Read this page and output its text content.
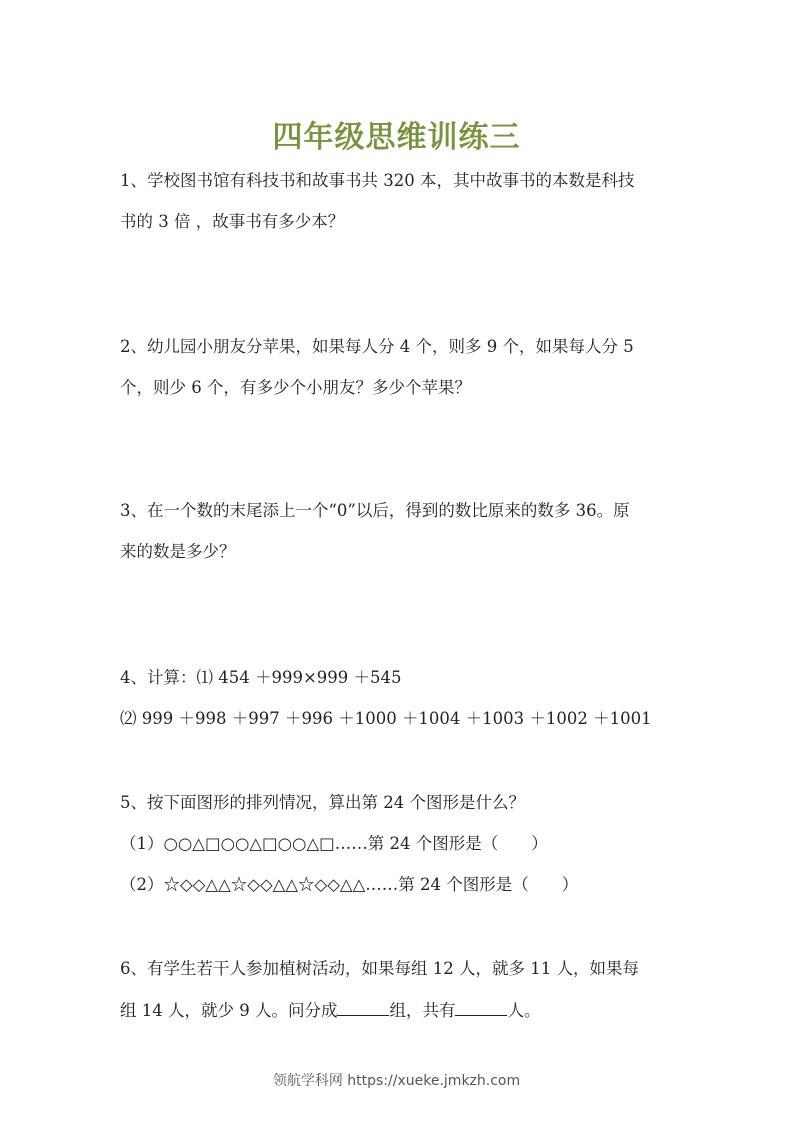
四年级思维训练三
1、学校图书馆有科技书和故事书共 320 本，其中故事书的本数是科技
书的 3 倍 ，故事书有多少本？
2、幼儿园小朋友分苹果，如果每人分 4 个，则多 9 个，如果每人分 5
个，则少 6 个，有多少个小朋友？多少个苹果？
3、在一个数的末尾添上一个“0”以后，得到的数比原来的数多 36。原
来的数是多少？
4、计算：⑴ 454 ＋999×999 ＋545
⑵ 999 ＋998 ＋997 ＋996 ＋1000 ＋1004 ＋1003 ＋1002 ＋1001
5、按下面图形的排列情况，算出第 24 个图形是什么？
（1）○○△□○○△□○○△□……第 24 个图形是（　　）
（2）☆◇◇△△☆◇◇△△☆◇◇△△……第 24 个图形是（　　）
6、有学生若干人参加植树活动，如果每组 12 人，就多 11 人，如果每
组 14 人，就少 9 人。问分成	组，共有	人。
领航学科网 https://xueke.jmkzh.com
